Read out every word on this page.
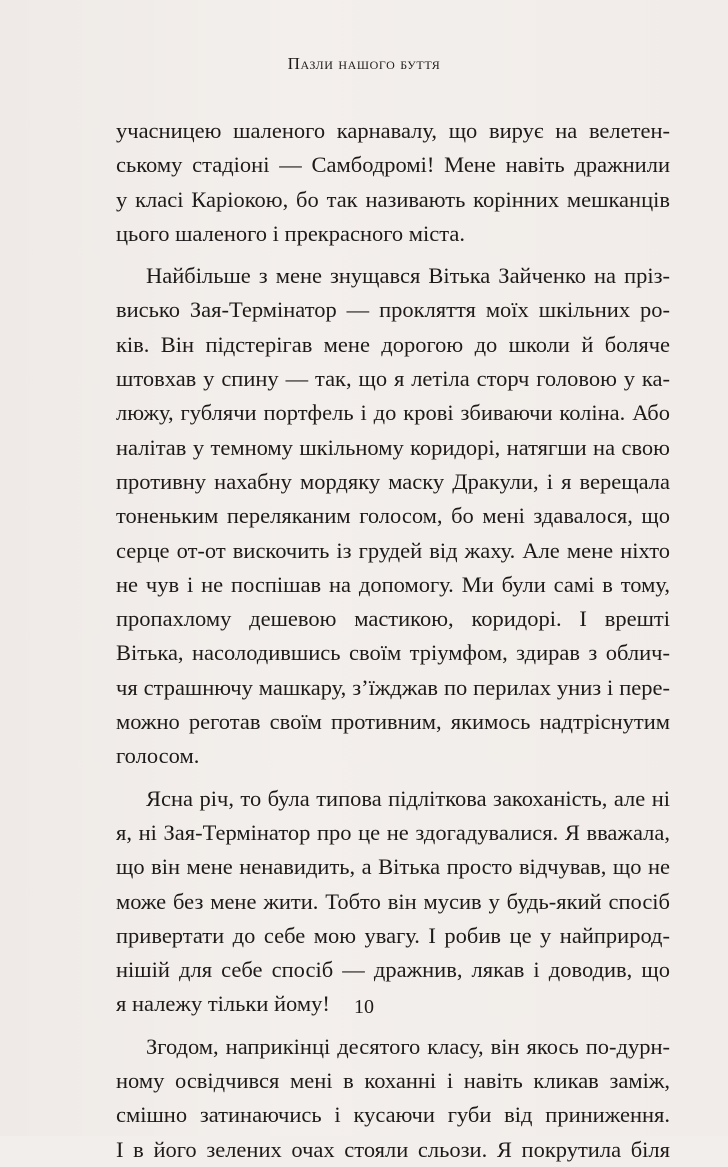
Пазли нашого буття

учасницею шаленого карнавалу, що вирує на велетен-
ському стадіоні — Самбодромі! Мене навіть дражнили
у класі Каріокою, бо так називають корінних мешканців
цього шаленого і прекрасного міста.

Найбільше з мене знущався Вітька Зайченко на пріз-
висько Зая-Термінатор — прокляття моїх шкільних ро-
ків. Він підстерігав мене дорогою до школи й боляче
штовхав у спину — так, що я летіла сторч головою у ка-
люжу, гублячи портфель і до крові збиваючи коліна. Або
налітав у темному шкільному коридорі, натягши на свою
противну нахабну мордяку маску Дракули, і я верещала
тоненьким переляканим голосом, бо мені здавалося, що
серце от-от вискочить із грудей від жаху. Але мене ніхто
не чув і не поспішав на допомогу. Ми були самі в тому,
пропахлому дешевою мастикою, коридорі. І врешті
Вітька, насолодившись своїм тріумфом, здирав з облич-
чя страшнючу машкару, з’їжджав по перилах униз і пере-
можно реготав своїм противним, якимось надтріснутим
голосом.

Ясна річ, то була типова підліткова закоханість, але ні
я, ні Зая-Термінатор про це не здогадувалися. Я вважала,
що він мене ненавидить, а Вітька просто відчував, що не
може без мене жити. Тобто він мусив у будь-який спосіб
привертати до себе мою увагу. І робив це у найприрод-
нішій для себе спосіб — дражнив, лякав і доводив, що
я належу тільки йому!

Згодом, наприкінці десятого класу, він якось по-дурн-
ному освідчився мені в коханні і навіть кликав заміж,
смішно затинаючись і кусаючи губи від приниження.
І в його зелених очах стояли сльози. Я покрутила біля

10
